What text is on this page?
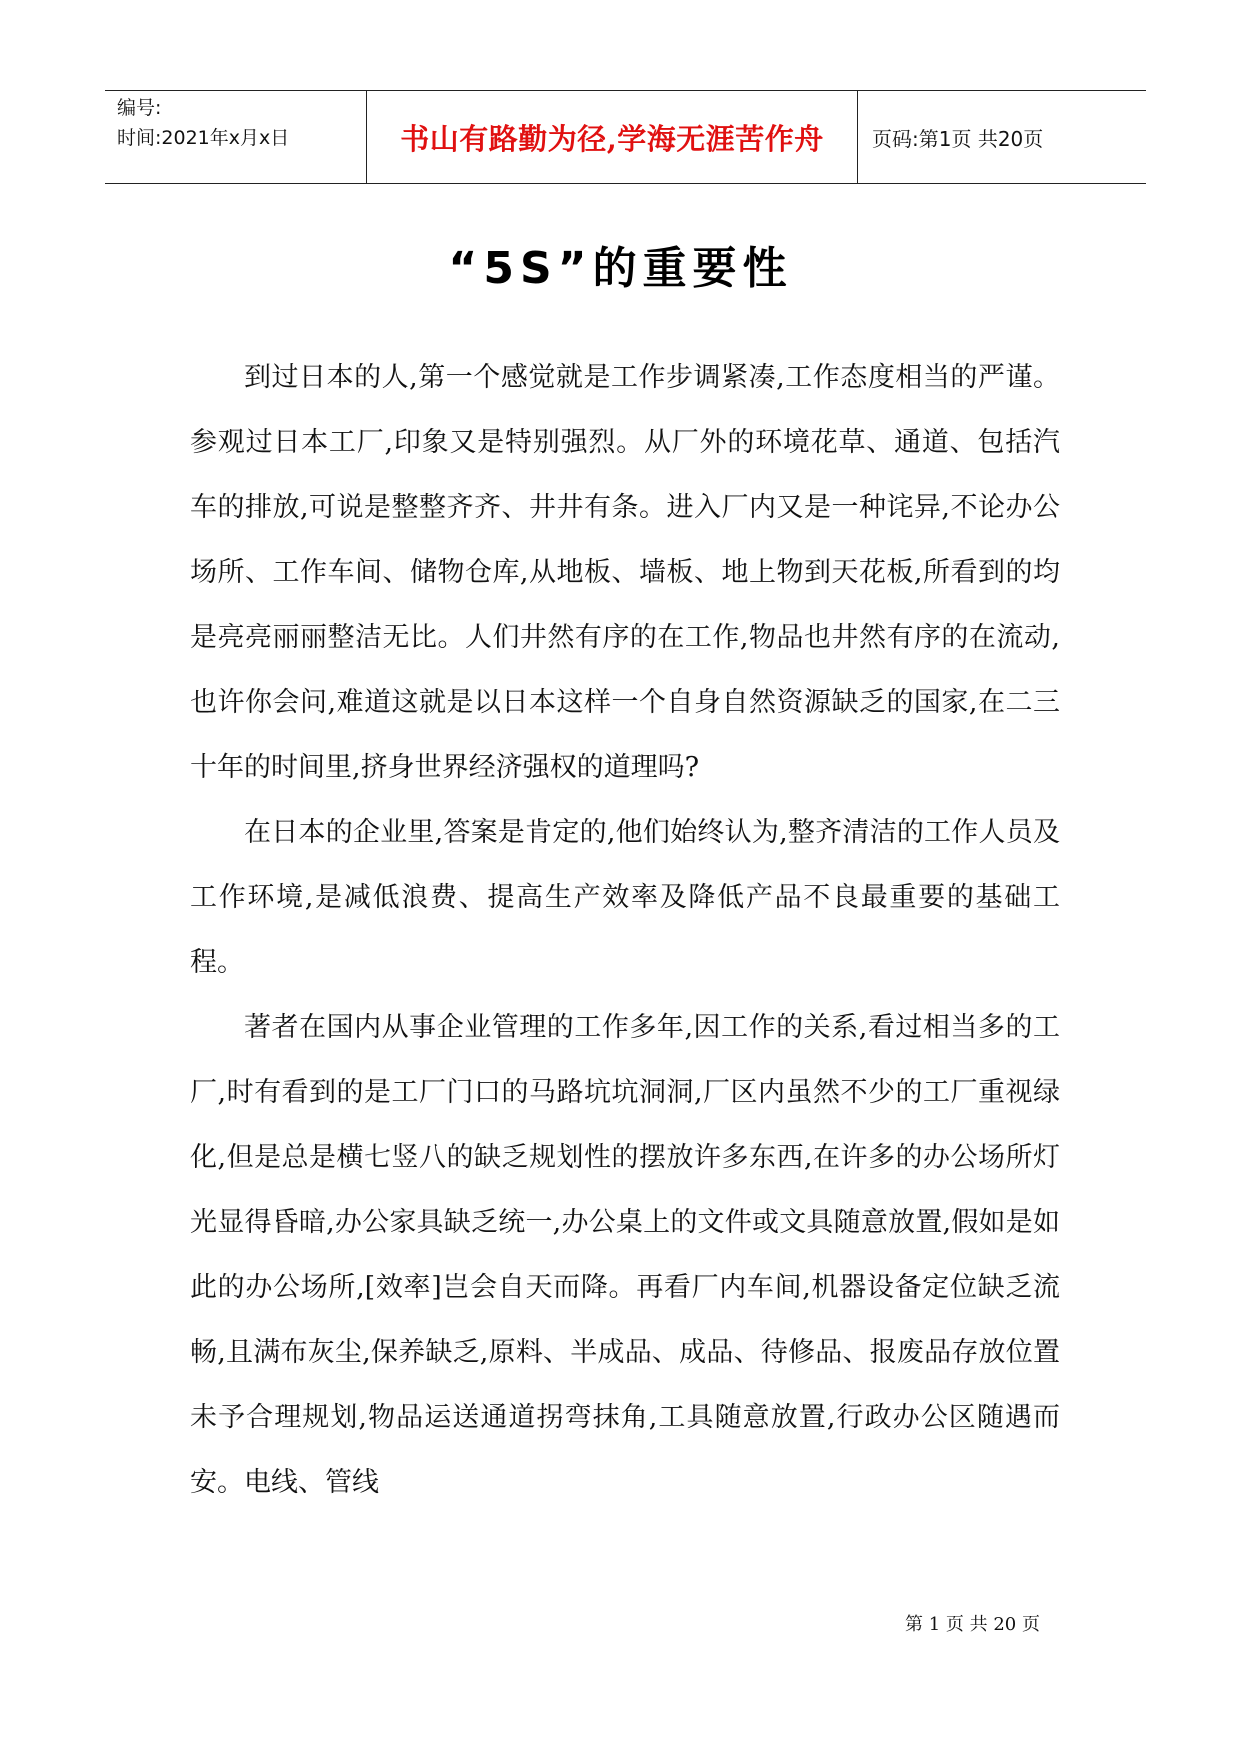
编号:
时间:2021年x月x日	书山有路勤为径,学海无涯苦作舟	页码:第1页 共20页
“5S”的重要性

到过日本的人,第一个感觉就是工作步调紧凑,工作态度相当的严谨。参观过日本工厂,印象又是特别强烈。从厂外的环境花草、通道、包括汽车的排放,可说是整整齐齐、井井有条。进入厂内又是一种诧异,不论办公场所、工作车间、储物仓库,从地板、墙板、地上物到天花板,所看到的均是亮亮丽丽整洁无比。人们井然有序的在工作,物品也井然有序的在流动,也许你会问,难道这就是以日本这样一个自身自然资源缺乏的国家,在二三十年的时间里,挤身世界经济强权的道理吗?

在日本的企业里,答案是肯定的,他们始终认为,整齐清洁的工作人员及工作环境,是减低浪费、提高生产效率及降低产品不良最重要的基础工程。

著者在国内从事企业管理的工作多年,因工作的关系,看过相当多的工厂,时有看到的是工厂门口的马路坑坑洞洞,厂区内虽然不少的工厂重视绿化,但是总是横七竖八的缺乏规划性的摆放许多东西,在许多的办公场所灯光显得昏暗,办公家具缺乏统一,办公桌上的文件或文具随意放置,假如是如此的办公场所,[效率]岂会自天而降。再看厂内车间,机器设备定位缺乏流畅,且满布灰尘,保养缺乏,原料、半成品、成品、待修品、报废品存放位置未予合理规划,物品运送通道拐弯抹角,工具随意放置,行政办公区随遇而安。电线、管线

第 1 页 共 20 页
